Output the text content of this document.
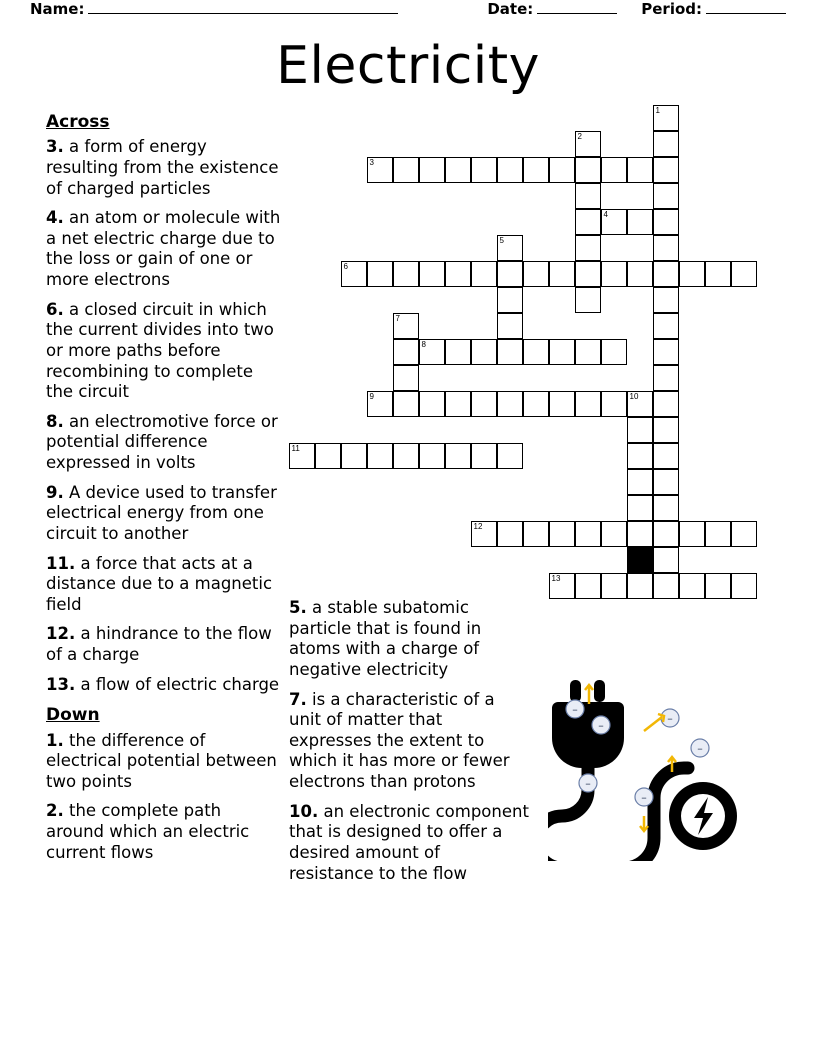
Name:	Date:	Period:
Electricity
Across
3. a form of energy resulting from the existence of charged particles
4. an atom or molecule with a net electric charge due to the loss or gain of one or more electrons
6. a closed circuit in which the current divides into two or more paths before recombining to complete the circuit
8. an electromotive force or potential difference expressed in volts
9. A device used to transfer electrical energy from one circuit to another
11. a force that acts at a distance due to a magnetic field
12. a hindrance to the flow of a charge
13. a flow of electric charge
Down
1. the difference of electrical potential between two points
2. the complete path around which an electric current flows
5. a stable subatomic particle that is found in atoms with a charge of negative electricity
7. is a characteristic of a unit of matter that expresses the extent to which it has more or fewer electrons than protons
10. an electronic component that is designed to offer a desired amount of resistance to the flow
1
2
3
4
5
6
7
8
9	10
11
12
13
–
–
–
–
–
–
